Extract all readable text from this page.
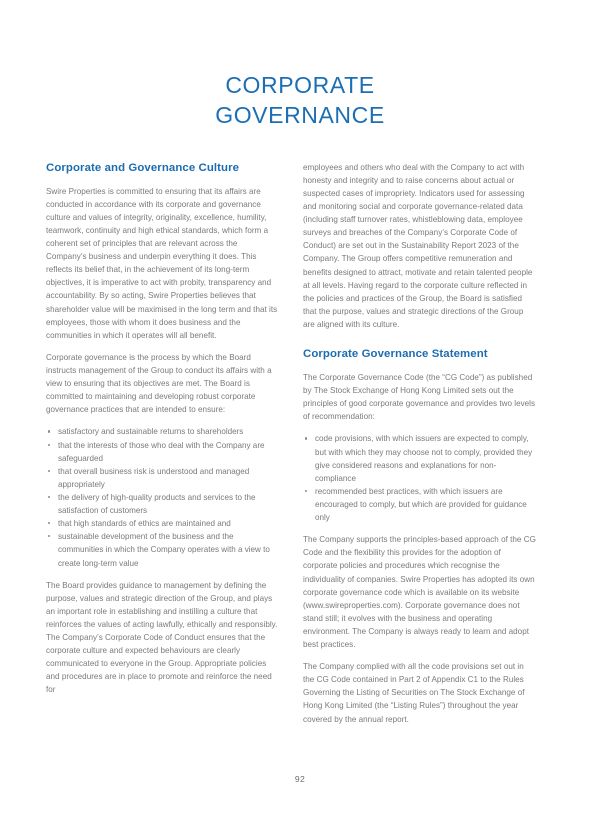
CORPORATE
GOVERNANCE
Corporate and Governance Culture

Swire Properties is committed to ensuring that its affairs are conducted in accordance with its corporate and governance culture and values of integrity, originality, excellence, humility, teamwork, continuity and high ethical standards, which form a coherent set of principles that are relevant across the Company’s business and underpin everything it does. This reflects its belief that, in the achievement of its long-term objectives, it is imperative to act with probity, transparency and accountability. By so acting, Swire Properties believes that shareholder value will be maximised in the long term and that its employees, those with whom it does business and the communities in which it operates will all benefit.

Corporate governance is the process by which the Board instructs management of the Group to conduct its affairs with a view to ensuring that its objectives are met. The Board is committed to maintaining and developing robust corporate governance practices that are intended to ensure:

satisfactory and sustainable returns to shareholders
that the interests of those who deal with the Company are safeguarded
that overall business risk is understood and managed appropriately
the delivery of high-quality products and services to the satisfaction of customers
that high standards of ethics are maintained and
sustainable development of the business and the communities in which the Company operates with a view to create long-term value

The Board provides guidance to management by defining the purpose, values and strategic direction of the Group, and plays an important role in establishing and instilling a culture that reinforces the values of acting lawfully, ethically and responsibly. The Company’s Corporate Code of Conduct ensures that the corporate culture and expected behaviours are clearly communicated to everyone in the Group. Appropriate policies and procedures are in place to promote and reinforce the need for

employees and others who deal with the Company to act with honesty and integrity and to raise concerns about actual or suspected cases of impropriety. Indicators used for assessing and monitoring social and corporate governance-related data (including staff turnover rates, whistleblowing data, employee surveys and breaches of the Company’s Corporate Code of Conduct) are set out in the Sustainability Report 2023 of the Company. The Group offers competitive remuneration and benefits designed to attract, motivate and retain talented people at all levels. Having regard to the corporate culture reflected in the policies and practices of the Group, the Board is satisfied that the purpose, values and strategic directions of the Group are aligned with its culture.

Corporate Governance Statement

The Corporate Governance Code (the “CG Code”) as published by The Stock Exchange of Hong Kong Limited sets out the principles of good corporate governance and provides two levels of recommendation:

code provisions, with which issuers are expected to comply, but with which they may choose not to comply, provided they give considered reasons and explanations for non-compliance
recommended best practices, with which issuers are encouraged to comply, but which are provided for guidance only

The Company supports the principles-based approach of the CG Code and the flexibility this provides for the adoption of corporate policies and procedures which recognise the individuality of companies. Swire Properties has adopted its own corporate governance code which is available on its website (www.swireproperties.com). Corporate governance does not stand still; it evolves with the business and operating environment. The Company is always ready to learn and adopt best practices.

The Company complied with all the code provisions set out in the CG Code contained in Part 2 of Appendix C1 to the Rules Governing the Listing of Securities on The Stock Exchange of Hong Kong Limited (the “Listing Rules”) throughout the year covered by the annual report.

92
